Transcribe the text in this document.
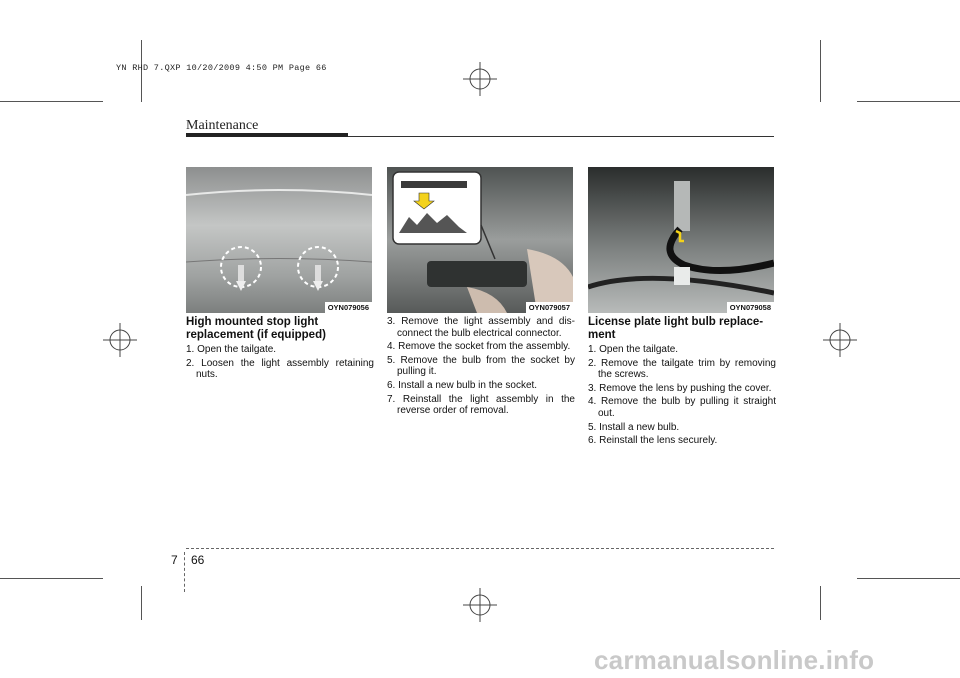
YN RHD 7.QXP 10/20/2009 4:50 PM Page 66
Maintenance
OYN079056	OYN079057	OYN079058
High mounted stop light replacement (if equipped)
1. Open the tailgate.
2. Loosen the light assembly retaining nuts.
3. Remove the light assembly and dis-connect the bulb electrical connector.
4. Remove the socket from the assembly.
5. Remove the bulb from the socket by pulling it.
6. Install a new bulb in the socket.
7. Reinstall the light assembly in the reverse order of removal.
License plate light bulb replace-ment
1. Open the tailgate.
2. Remove the tailgate trim by removing the screws.
3. Remove the lens by pushing the cover.
4. Remove the bulb by pulling it straight out.
5. Install a new bulb.
6. Reinstall the lens securely.
7 66
carmanualsonline.info
